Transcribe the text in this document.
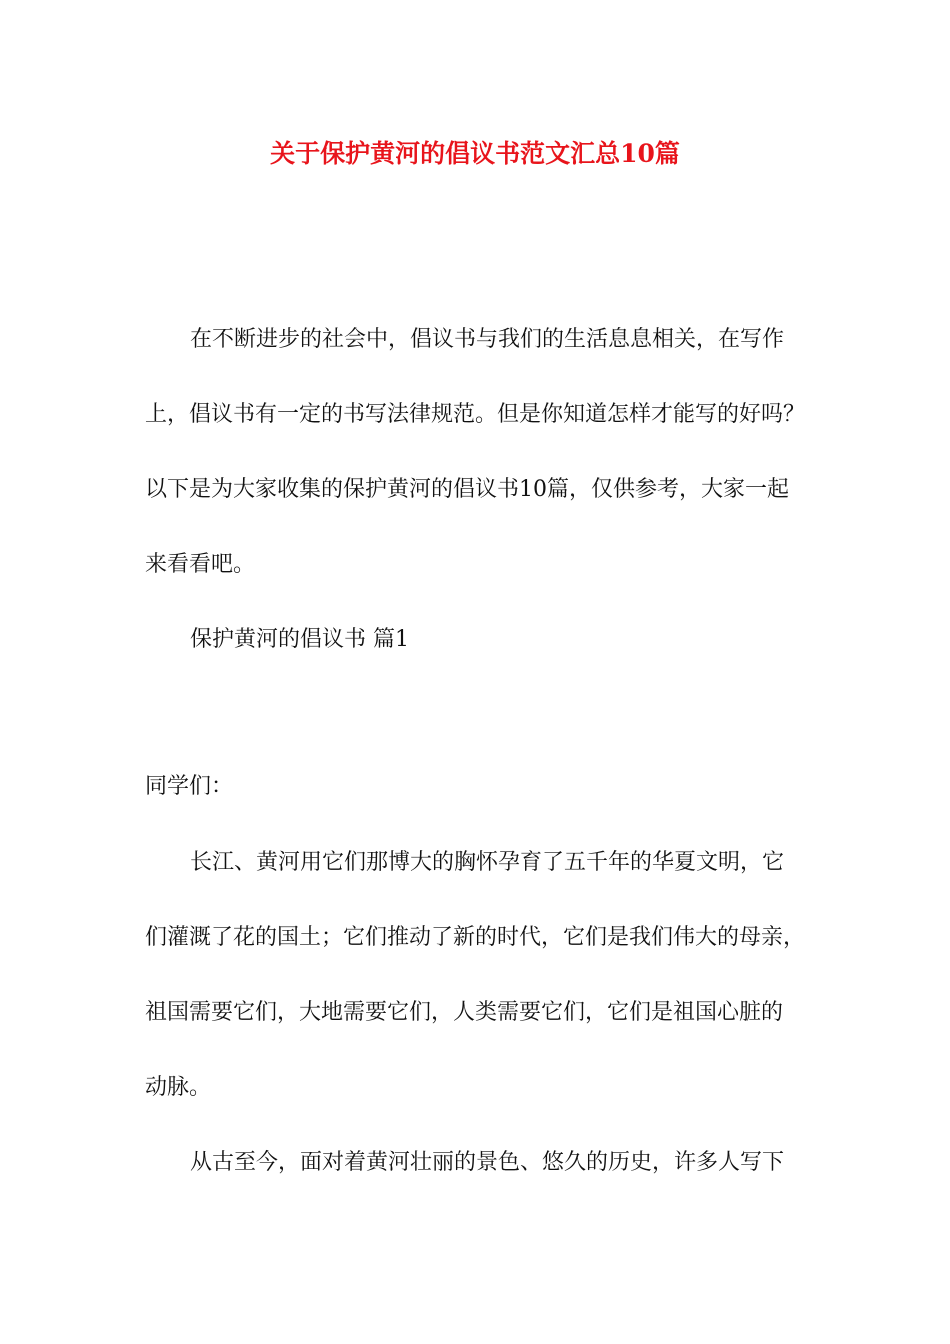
关于保护黄河的倡议书范文汇总10篇
在不断进步的社会中，倡议书与我们的生活息息相关，在写作
上，倡议书有一定的书写法律规范。但是你知道怎样才能写的好吗？
以下是为大家收集的保护黄河的倡议书10篇，仅供参考，大家一起
来看看吧。
保护黄河的倡议书 篇1
同学们：
长江、黄河用它们那博大的胸怀孕育了五千年的华夏文明，它
们灌溉了花的国土；它们推动了新的时代，它们是我们伟大的母亲，
祖国需要它们，大地需要它们，人类需要它们，它们是祖国心脏的
动脉。
从古至今，面对着黄河壮丽的景色、悠久的历史，许多人写下
